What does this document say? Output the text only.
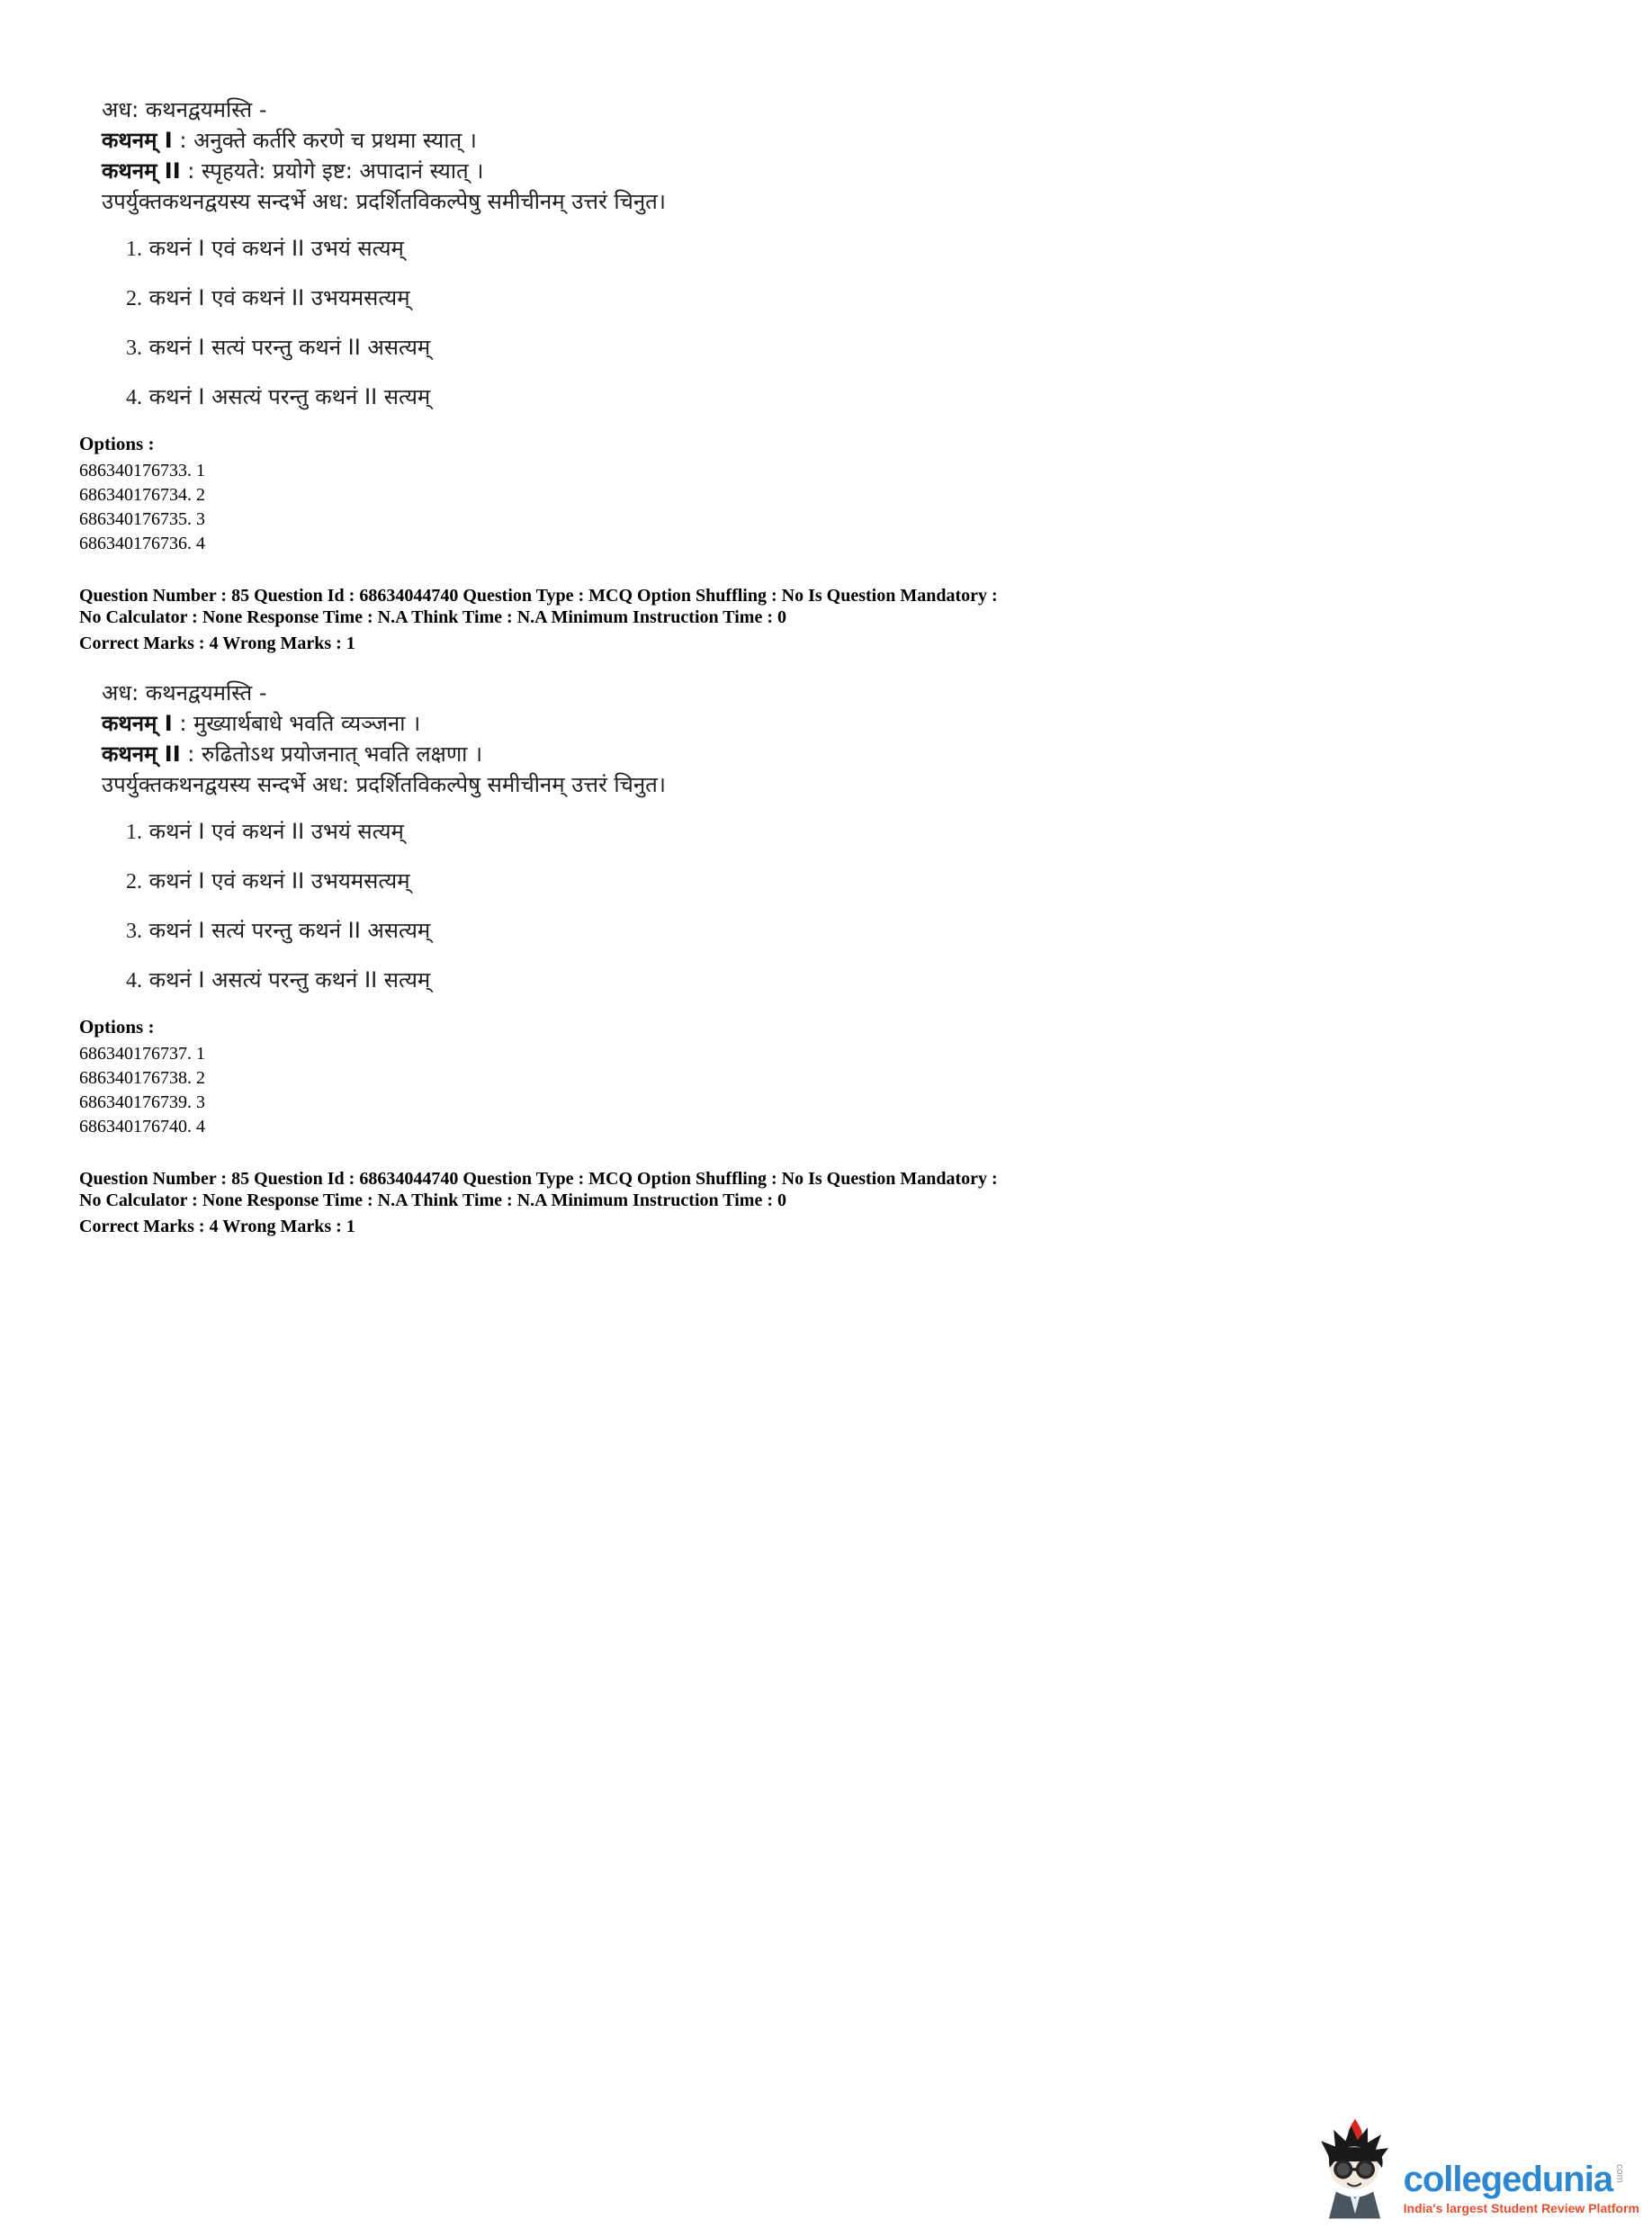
अध: कथनद्वयमस्ति -

कथनम् I : अनुक्ते कर्तरि करणे च प्रथमा स्यात् ।

कथनम् II : स्पृहयते: प्रयोगे इष्ट: अपादानं स्यात् ।

उपर्युक्तकथनद्वयस्य सन्दर्भे अध: प्रदर्शितविकल्पेषु समीचीनम् उत्तरं चिनुत।

1. कथनं I एवं कथनं II उभयं सत्यम्

2. कथनं I एवं कथनं II उभयमसत्यम्

3. कथनं I सत्यं परन्तु कथनं II असत्यम्

4. कथनं I असत्यं परन्तु कथनं II सत्यम्

Options :

686340176733. 1

686340176734. 2

686340176735. 3

686340176736. 4

Question Number : 85 Question Id : 68634044740 Question Type : MCQ Option Shuffling : No Is Question Mandatory :

No Calculator : None Response Time : N.A Think Time : N.A Minimum Instruction Time : 0

Correct Marks : 4 Wrong Marks : 1

अध: कथनद्वयमस्ति -

कथनम् I : मुख्यार्थबाधे भवति व्यञ्जना ।

कथनम् II : रुढितोऽथ प्रयोजनात् भवति लक्षणा ।

उपर्युक्तकथनद्वयस्य सन्दर्भे अध: प्रदर्शितविकल्पेषु समीचीनम् उत्तरं चिनुत।

1. कथनं I एवं कथनं II उभयं सत्यम्

2. कथनं I एवं कथनं II उभयमसत्यम्

3. कथनं I सत्यं परन्तु कथनं II असत्यम्

4. कथनं I असत्यं परन्तु कथनं II सत्यम्

Options :

686340176737. 1

686340176738. 2

686340176739. 3

686340176740. 4

Question Number : 85 Question Id : 68634044740 Question Type : MCQ Option Shuffling : No Is Question Mandatory :

No Calculator : None Response Time : N.A Think Time : N.A Minimum Instruction Time : 0

Correct Marks : 4 Wrong Marks : 1

collegedunia com
India's largest Student Review Platform
